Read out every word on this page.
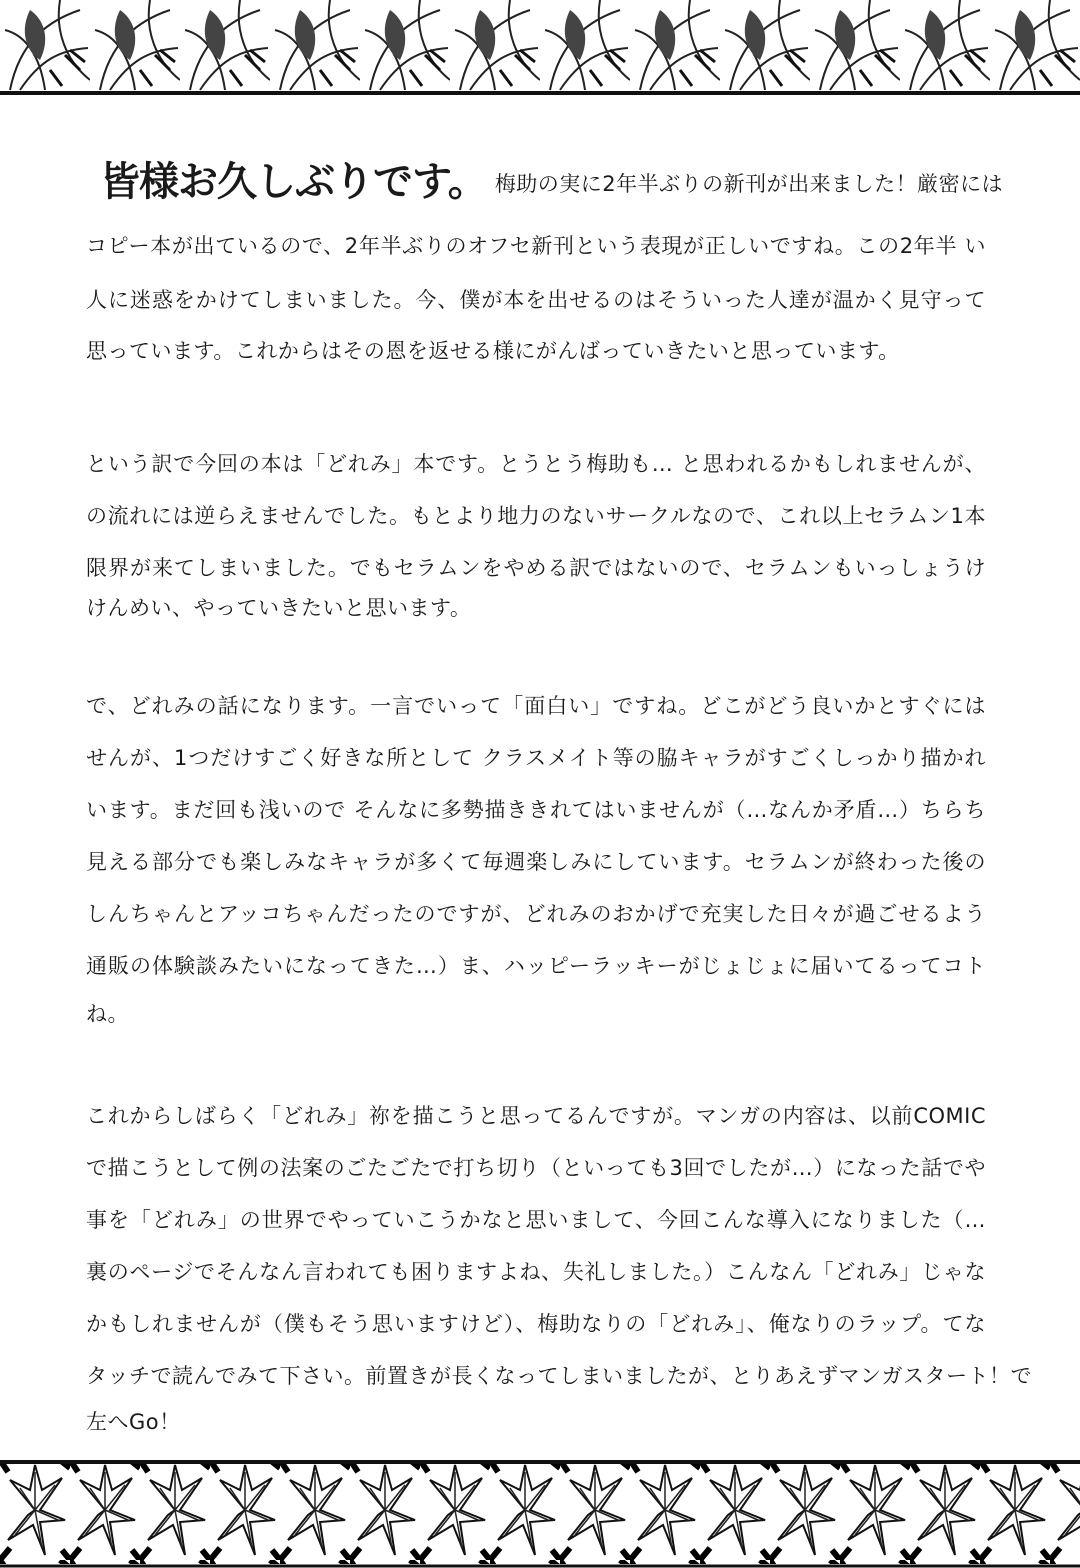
皆様お久しぶりです。 梅助の実に2年半ぶりの新刊が出来ました！厳密には
コピー本が出ているので、2年半ぶりのオフセ新刊という表現が正しいですね。この2年半 い
人に迷惑をかけてしまいました。今、僕が本を出せるのはそういった人達が温かく見守って
思っています。これからはその恩を返せる様にがんばっていきたいと思っています。
という訳で今回の本は「どれみ」本です。とうとう梅助も… と思われるかもしれませんが、
の流れには逆らえませんでした。もとより地力のないサークルなので、これ以上セラムン1本
限界が来てしまいました。でもセラムンをやめる訳ではないので、セラムンもいっしょうけ
けんめい、やっていきたいと思います。
で、どれみの話になります。一言でいって「面白い」ですね。どこがどう良いかとすぐには
せんが、1つだけすごく好きな所として クラスメイト等の脇キャラがすごくしっかり描かれ
います。まだ回も浅いので そんなに多勢描ききれてはいませんが（…なんか矛盾…）ちらち
見える部分でも楽しみなキャラが多くて毎週楽しみにしています。セラムンが終わった後の
しんちゃんとアッコちゃんだったのですが、どれみのおかげで充実した日々が過ごせるよう
通販の体験談みたいになってきた…）ま、ハッピーラッキーがじょじょに届いてるってコト
ね。
これからしばらく「どれみ」祢を描こうと思ってるんですが。マンガの内容は、以前COMIC
で描こうとして例の法案のごたごたで打ち切り（といっても3回でしたが…）になった話でや
事を「どれみ」の世界でやっていこうかなと思いまして、今回こんな導入になりました（…
裏のページでそんなん言われても困りますよね、失礼しました。）こんなん「どれみ」じゃな
かもしれませんが（僕もそう思いますけど）、梅助なりの「どれみ」、俺なりのラップ。てな
タッチで読んでみて下さい。前置きが長くなってしまいましたが、とりあえずマンガスタート！で
左へGo！
